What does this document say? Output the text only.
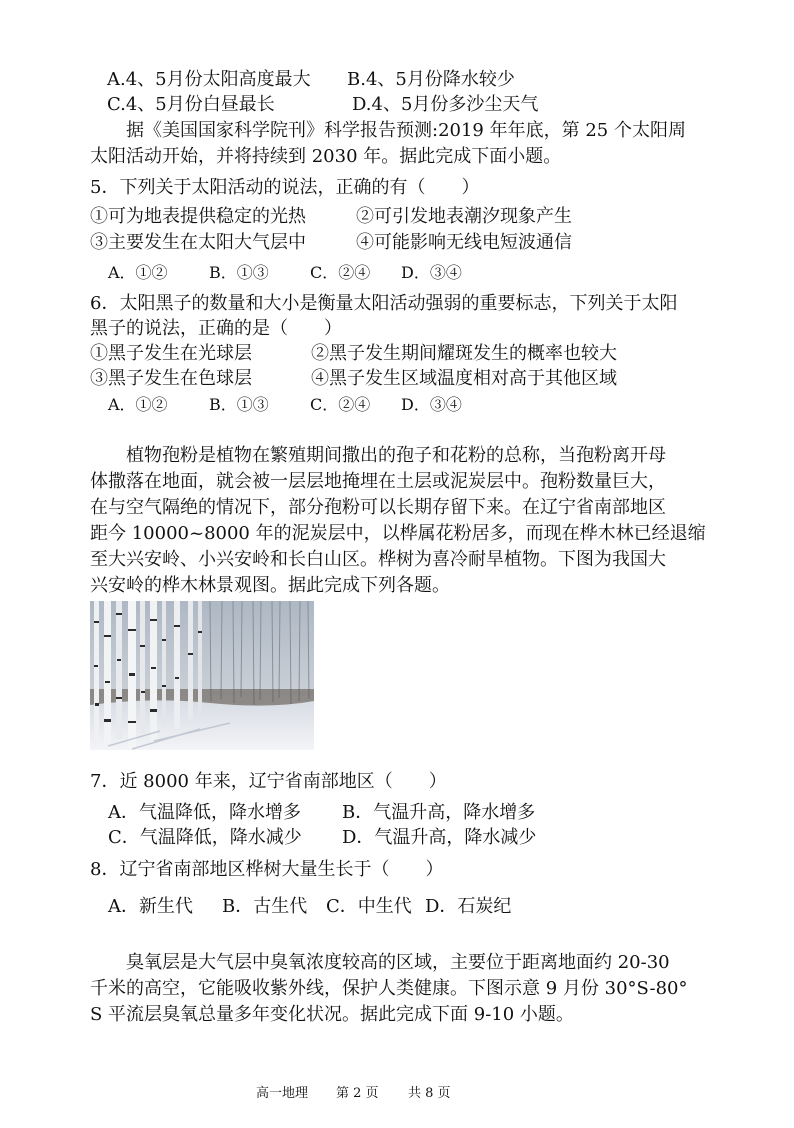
A.4、5月份太阳高度最大 B.4、5月份降水较少
C.4、5月份白昼最长	D.4、5月份多沙尘天气
据《美国国家科学院刊》科学报告预测:2019 年年底，第 25 个太阳周
太阳活动开始，并将持续到 2030 年。据此完成下面小题。
5．下列关于太阳活动的说法，正确的有（　　）
①可为地表提供稳定的光热	②可引发地表潮汐现象产生
③主要发生在太阳大气层中	④可能影响无线电短波通信
A．①②	B．①③	C．②④ D．③④
6．太阳黑子的数量和大小是衡量太阳活动强弱的重要标志，下列关于太阳
黑子的说法，正确的是（　　）
①黑子发生在光球层	②黑子发生期间耀斑发生的概率也较大
③黑子发生在色球层	④黑子发生区域温度相对高于其他区域
A．①②	B．①③	C．②④ D．③④
植物孢粉是植物在繁殖期间撒出的孢子和花粉的总称，当孢粉离开母
体撒落在地面，就会被一层层地掩埋在土层或泥炭层中。孢粉数量巨大，
在与空气隔绝的情况下，部分孢粉可以长期存留下来。在辽宁省南部地区
距今 10000~8000 年的泥炭层中，以桦属花粉居多，而现在桦木林已经退缩
至大兴安岭、小兴安岭和长白山区。桦树为喜冷耐旱植物。下图为我国大
兴安岭的桦木林景观图。据此完成下列各题。
7．近 8000 年来，辽宁省南部地区（　　）
A．气温降低，降水增多 B．气温升高，降水增多
C．气温降低，降水减少 D．气温升高，降水减少
8．辽宁省南部地区桦树大量生长于（　　）
A．新生代 B．古生代 C．中生代 D．石炭纪
臭氧层是大气层中臭氧浓度较高的区域，主要位于距离地面约 20-30
千米的高空，它能吸收紫外线，保护人类健康。下图示意 9 月份 30°S-80°
S 平流层臭氧总量多年变化状况。据此完成下面 9-10 小题。
高一地理 第 2 页 共 8 页
